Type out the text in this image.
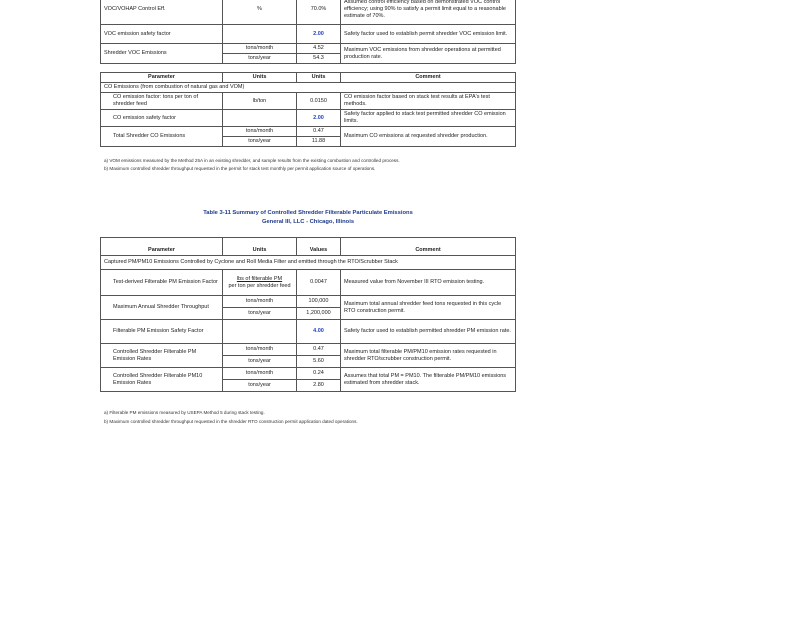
VOC/VOHAP Control Eff.	%	70.0%	Assumed control efficiency based on demonstrated VOC control efficiency; using 90% to satisfy a permit limit equal to a reasonable estimate of 70%.
VOC emission safety factor		2.00	Safety factor used to establish permit shredder VOC emission limit.
Shredder VOC Emissions	tons/month	4.52	Maximum VOC emissions from shredder operations at permitted production rate.
	tons/year	54.3	
Parameter	Units	Units	Comment
CO Emissions (from combustion of natural gas and VOM)			
CO emission factor: tons per ton of shredder feed	lb/ton	0.0150	CO emission factor based on stack test results at EPA's test methods.
CO emission safety factor		2.00	Safety factor applied to stack test permitted shredder CO emission limits.
Total Shredder CO Emissions	tons/month	0.47	Maximum CO emissions at requested shredder production.
	tons/year	11.88	
a) VOM emissions measured by the Method 25A in an existing shredder, and sample results from the existing combustion and controlled process.
b) Maximum controlled shredder throughput requested in the permit for stack test monthly per permit application source of operations.
Table 3-11 Summary of Controlled Shredder Filterable Particulate Emissions
General III, LLC - Chicago, Illinois
Parameter	Units	Values	Comment
Captured PM/PM10 Emissions Controlled by Cyclone and Roll Media Filter and emitted through the RTO/Scrubber Stack			
Test-derived Filterable PM Emission Factor	lbs of filterable PM
per ton per shredder feed	0.0047	Measured value from November III RTO emission testing.
Maximum Annual Shredder Throughput	tons/month	100,000	Maximum total annual shredder feed tons requested in this cycle RTO construction permit.
	tons/year	1,200,000	
Filterable PM Emission Safety Factor		4.00	Safety factor used to establish permitted shredder PM emission rate.
Controlled Shredder Filterable PM Emission Rates	tons/month	0.47	Maximum total filterable PM/PM10 emission rates requested in shredder RTO/scrubber construction permit.
	tons/year	5.60	
Controlled Shredder Filterable PM10 Emission Rates	tons/month	0.24	Assumes that total PM = PM10. The filterable PM/PM10 emissions estimated from shredder stack.
	tons/year	2.80	
a) Filterable PM emissions measured by USEPA Method 5 during stack testing.
b) Maximum controlled shredder throughput requested in the shredder RTO construction permit application dated operations.
